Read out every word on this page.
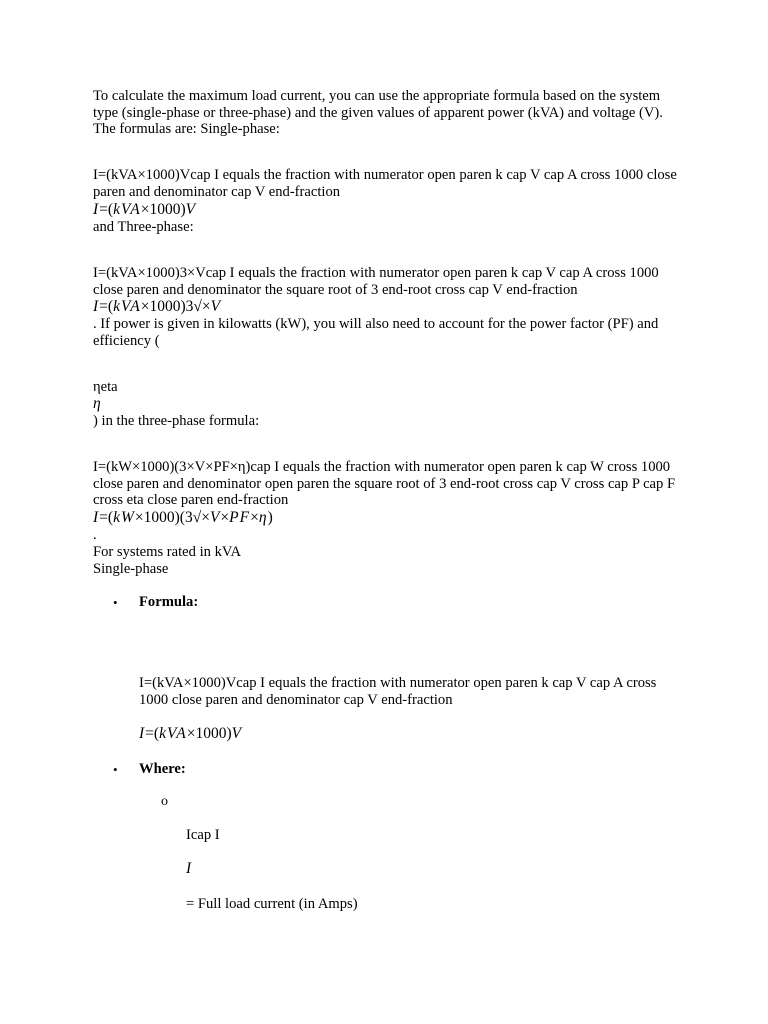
To calculate the maximum load current, you can use the appropriate formula based on the system type (single-phase or three-phase) and the given values of apparent power (kVA) and voltage (V). The formulas are: Single-phase:
I=(kVA×1000)Vcap I equals the fraction with numerator open paren k cap V cap A cross 1000 close paren and denominator cap V end-fraction
I=(kVA×1000)V
and Three-phase:
I=(kVA×1000)3×Vcap I equals the fraction with numerator open paren k cap V cap A cross 1000 close paren and denominator the square root of 3 end-root cross cap V end-fraction
I=(kVA×1000)3√×V
. If power is given in kilowatts (kW), you will also need to account for the power factor (PF) and efficiency (
ηeta
η
) in the three-phase formula:
I=(kW×1000)(3×V×PF×η)cap I equals the fraction with numerator open paren k cap W cross 1000 close paren and denominator open paren the square root of 3 end-root cross cap V cross cap P cap F cross eta close paren end-fraction
I=(kW×1000)(3√×V×PF×η)
.
For systems rated in kVA
Single-phase
• Formula:
I=(kVA×1000)Vcap I equals the fraction with numerator open paren k cap V cap A cross 1000 close paren and denominator cap V end-fraction
I=(kVA×1000)V
• Where:
o
Icap I
I
= Full load current (in Amps)
